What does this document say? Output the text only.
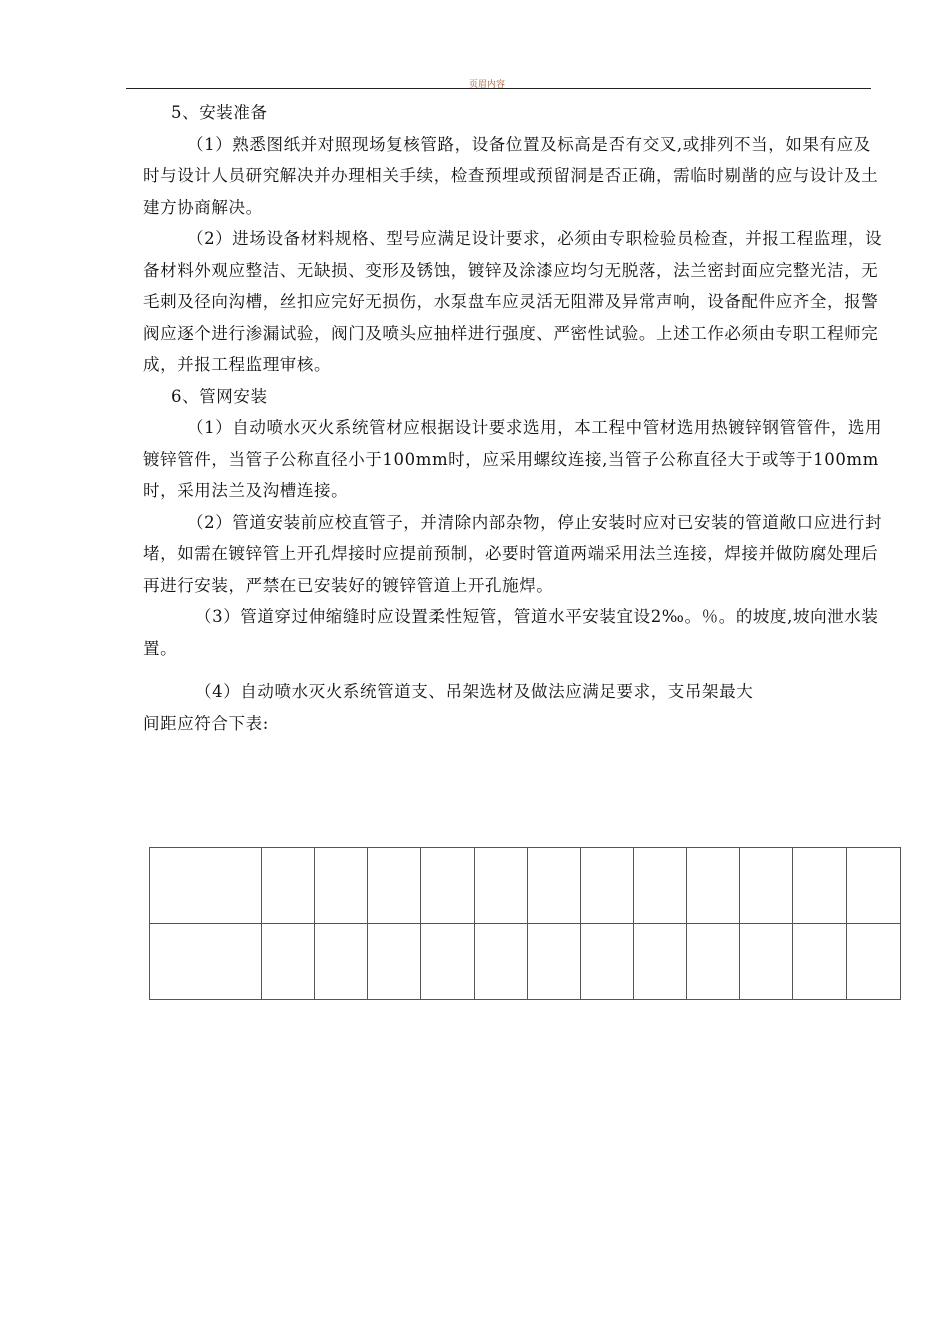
页眉内容

5、安装准备

（1）熟悉图纸并对照现场复核管路，设备位置及标高是否有交叉,或排列不当，如果有应及时与设计人员研究解决并办理相关手续，检查预埋或预留洞是否正确，需临时剔凿的应与设计及土建方协商解决。

（2）进场设备材料规格、型号应满足设计要求，必须由专职检验员检查，并报工程监理，设备材料外观应整洁、无缺损、变形及锈蚀，镀锌及涂漆应均匀无脱落，法兰密封面应完整光洁，无毛刺及径向沟槽，丝扣应完好无损伤，水泵盘车应灵活无阻滞及异常声响，设备配件应齐全，报警阀应逐个进行渗漏试验，阀门及喷头应抽样进行强度、严密性试验。上述工作必须由专职工程师完成，并报工程监理审核。

6、管网安装

（1）自动喷水灭火系统管材应根据设计要求选用，本工程中管材选用热镀锌钢管管件，选用镀锌管件，当管子公称直径小于100mm时，应采用螺纹连接,当管子公称直径大于或等于100mm时，采用法兰及沟槽连接。

（2）管道安装前应校直管子，并清除内部杂物，停止安装时应对已安装的管道敞口应进行封堵，如需在镀锌管上开孔焊接时应提前预制，必要时管道两端采用法兰连接，焊接并做防腐处理后再进行安装，严禁在已安装好的镀锌管道上开孔施焊。

（3）管道穿过伸缩缝时应设置柔性短管，管道水平安装宜设2‰。％。的坡度,坡向泄水装置。

（4）自动喷水灭火系统管道支、吊架选材及做法应满足要求，支吊架最大

间距应符合下表:
